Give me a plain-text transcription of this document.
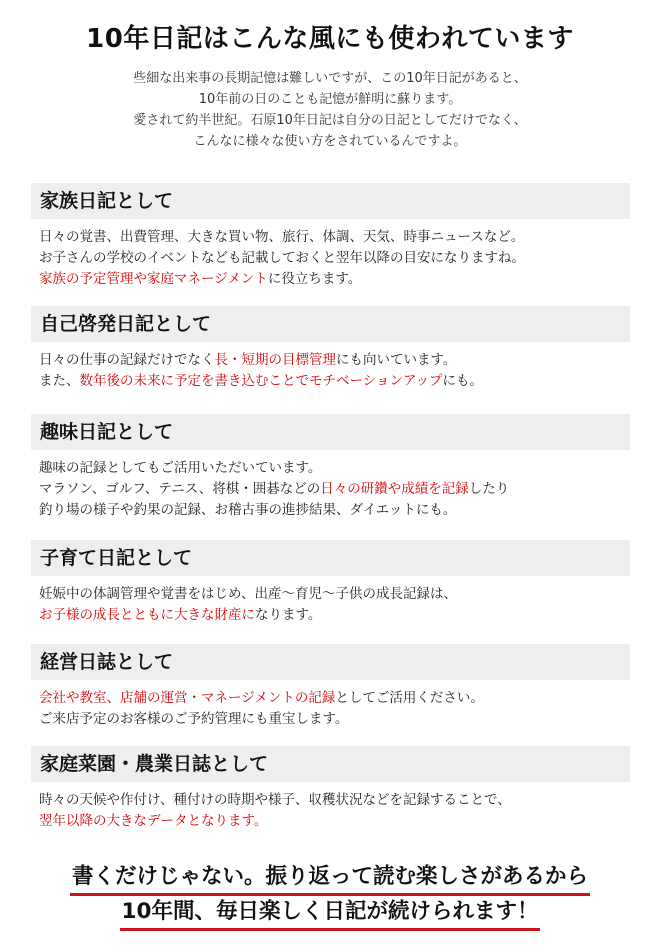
10年日記はこんな風にも使われています
些細な出来事の長期記憶は難しいですが、この10年日記があると、
10年前の日のことも記憶が鮮明に蘇ります。
愛されて約半世紀。石原10年日記は自分の日記としてだけでなく、
こんなに様々な使い方をされているんですよ。
家族日記として
日々の覚書、出費管理、大きな買い物、旅行、体調、天気、時事ニュースなど。
お子さんの学校のイベントなども記載しておくと翌年以降の目安になりますね。
家族の予定管理や家庭マネージメントに役立ちます。
自己啓発日記として
日々の仕事の記録だけでなく長・短期の目標管理にも向いています。
また、数年後の未来に予定を書き込むことでモチベーションアップにも。
趣味日記として
趣味の記録としてもご活用いただいています。
マラソン、ゴルフ、テニス、将棋・囲碁などの日々の研鑽や成績を記録したり
釣り場の様子や釣果の記録、お稽古事の進捗結果、ダイエットにも。
子育て日記として
妊娠中の体調管理や覚書をはじめ、出産～育児～子供の成長記録は、
お子様の成長とともに大きな財産になります。
経営日誌として
会社や教室、店舗の運営・マネージメントの記録としてご活用ください。
ご来店予定のお客様のご予約管理にも重宝します。
家庭菜園・農業日誌として
時々の天候や作付け、種付けの時期や様子、収穫状況などを記録することで、
翌年以降の大きなデータとなります。
書くだけじゃない。振り返って読む楽しさがあるから
10年間、毎日楽しく日記が続けられます！
